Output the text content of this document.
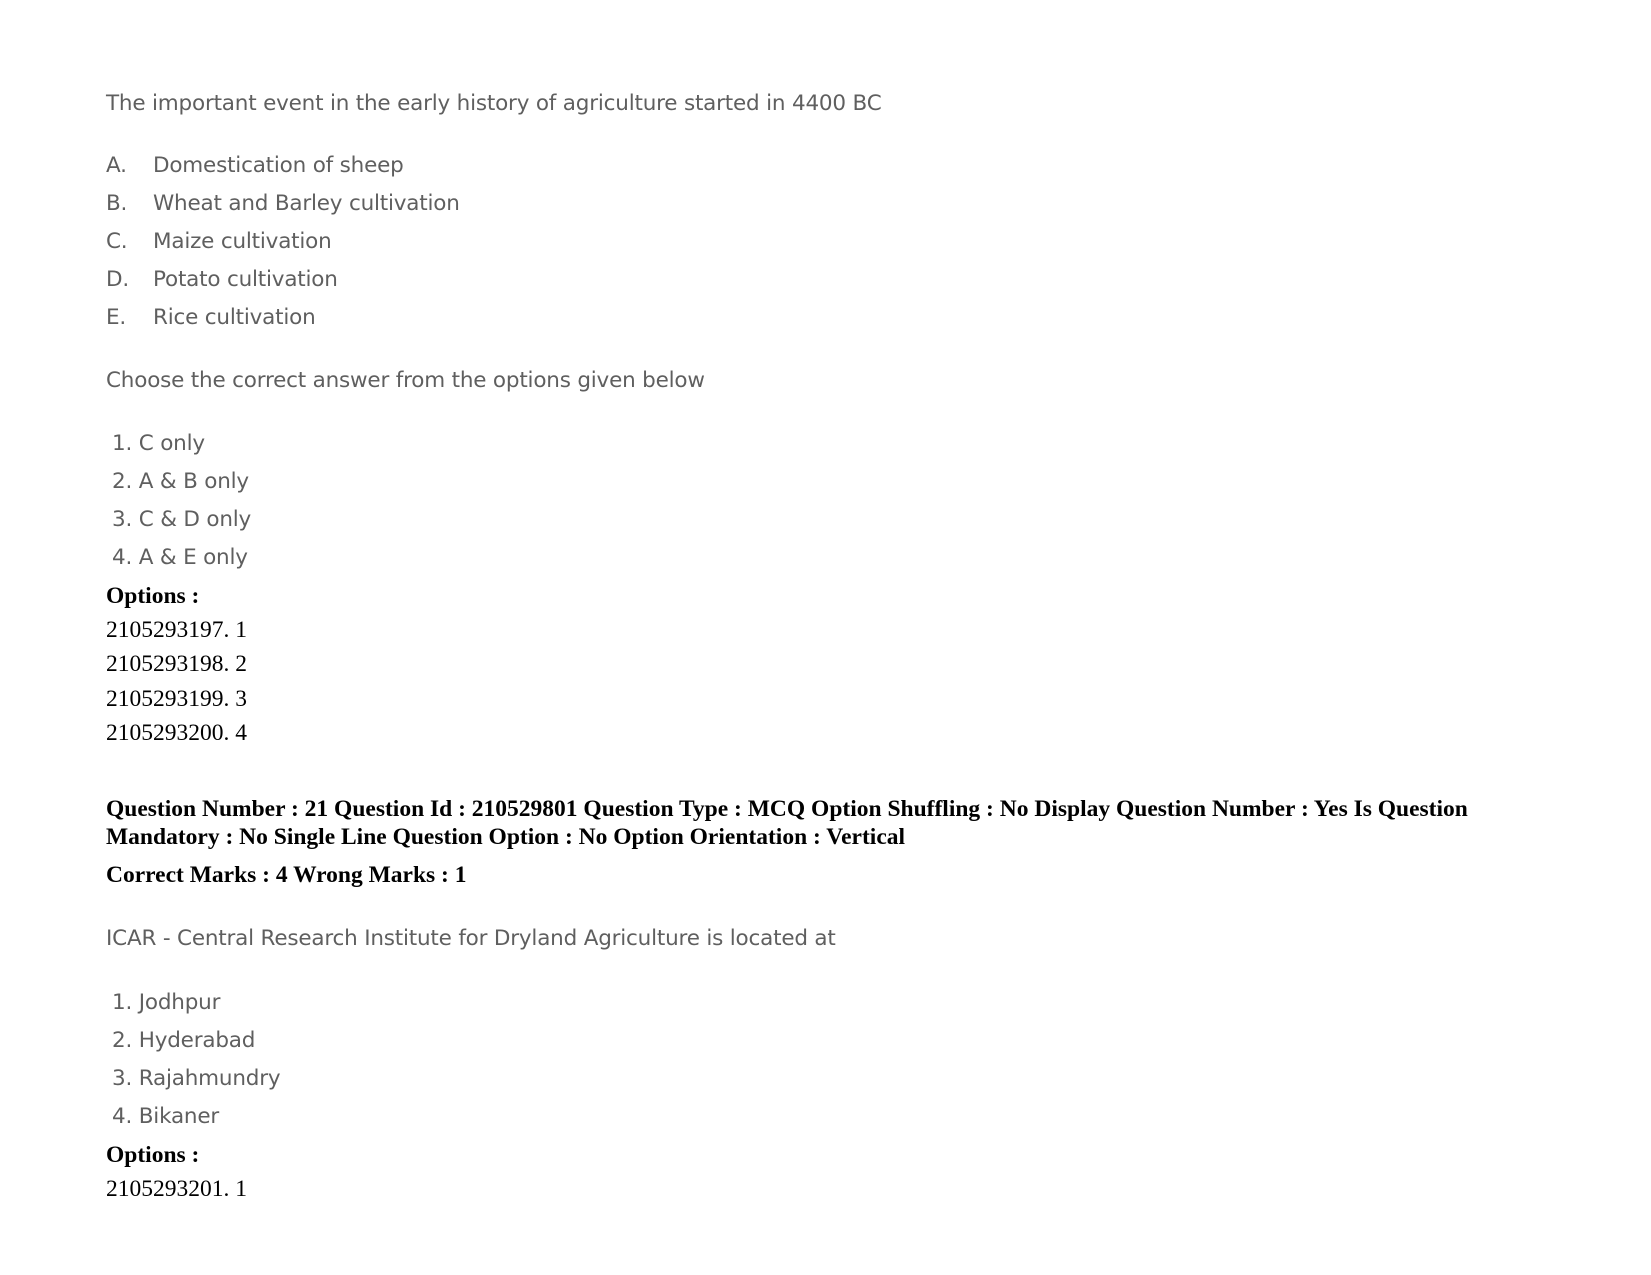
The important event in the early history of agriculture started in 4400 BC
A. Domestication of sheep
B. Wheat and Barley cultivation
C. Maize cultivation
D. Potato cultivation
E. Rice cultivation
Choose the correct answer from the options given below
1. C only
2. A & B only
3. C & D only
4. A & E only
Options :
2105293197. 1
2105293198. 2
2105293199. 3
2105293200. 4
Question Number : 21 Question Id : 210529801 Question Type : MCQ Option Shuffling : No Display Question Number : Yes Is Question Mandatory : No Single Line Question Option : No Option Orientation : Vertical
Correct Marks : 4 Wrong Marks : 1
ICAR - Central Research Institute for Dryland Agriculture is located at
1. Jodhpur
2. Hyderabad
3. Rajahmundry
4. Bikaner
Options :
2105293201. 1
